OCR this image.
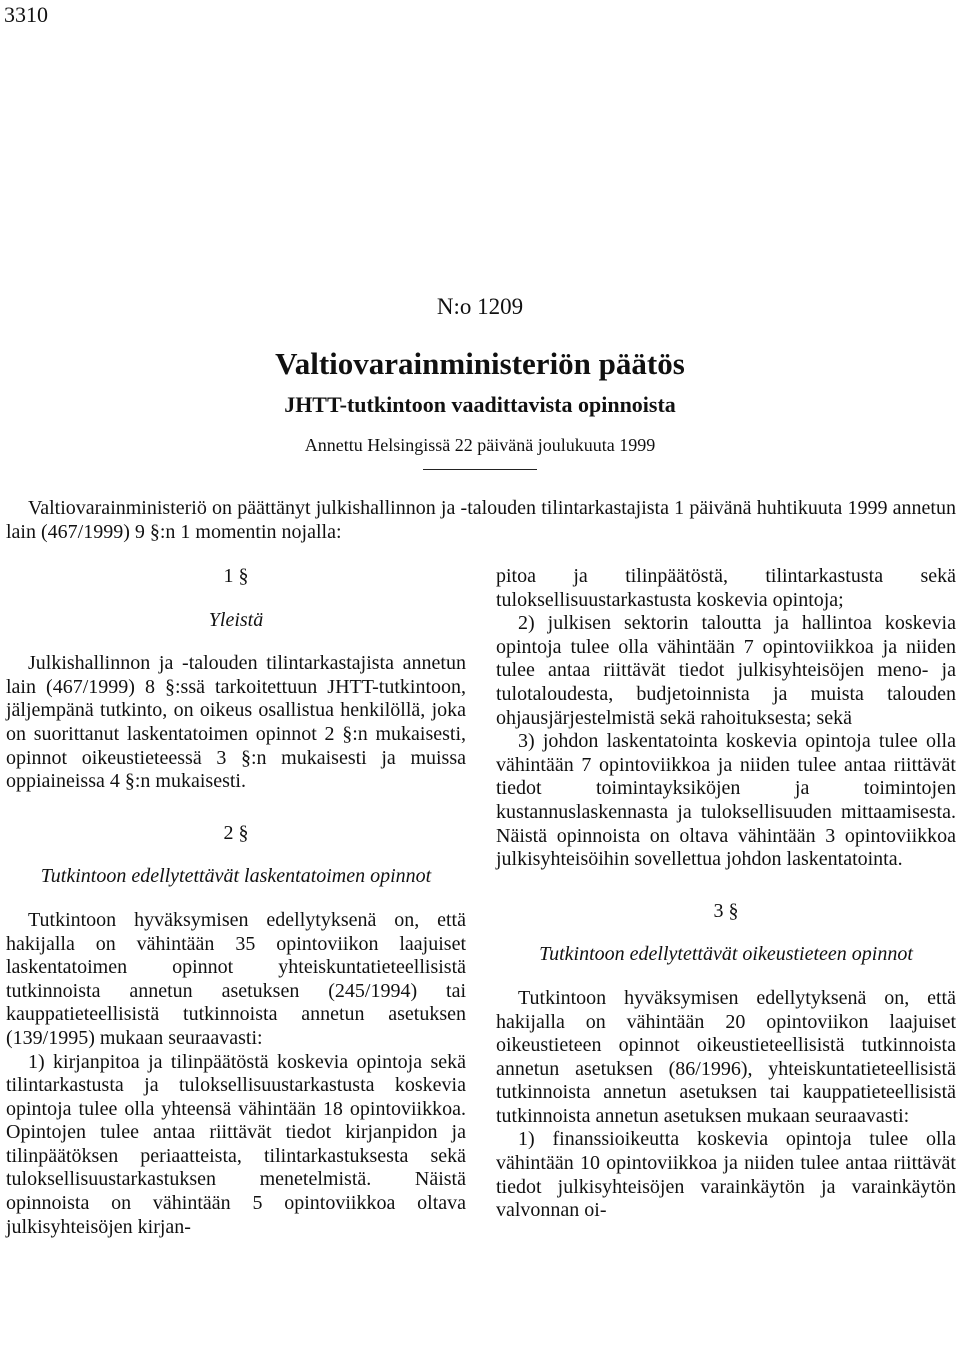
3310
N:o 1209
Valtiovarainministeriön päätös
JHTT-tutkintoon vaadittavista opinnoista
Annettu Helsingissä 22 päivänä joulukuuta 1999

Valtiovarainministeriö on päättänyt julkishallinnon ja -talouden tilintarkastajista 1 päivänä huhtikuuta 1999 annetun lain (467/1999) 9 §:n 1 momentin nojalla:

1 §

Yleistä

Julkishallinnon ja -talouden tilintarkastajista annetun lain (467/1999) 8 §:ssä tarkoitettuun JHTT-tutkintoon, jäljempänä tutkinto, on oikeus osallistua henkilöllä, joka on suorittanut laskentatoimen opinnot 2 §:n mukaisesti, opinnot oikeustieteessä 3 §:n mukaisesti ja muissa oppiaineissa 4 §:n mukaisesti.

2 §

Tutkintoon edellytettävät laskentatoimen opinnot

Tutkintoon hyväksymisen edellytyksenä on, että hakijalla on vähintään 35 opintoviikon laajuiset laskentatoimen opinnot yhteiskuntatieteellisistä tutkinnoista annetun asetuksen (245/1994) tai kauppatieteellisistä tutkinnoista annetun asetuksen (139/1995) mukaan seuraavasti:

1) kirjanpitoa ja tilinpäätöstä koskevia opintoja sekä tilintarkastusta ja tuloksellisuustarkastusta koskevia opintoja tulee olla yhteensä vähintään 18 opintoviikkoa. Opintojen tulee antaa riittävät tiedot kirjanpidon ja tilinpäätöksen periaatteista, tilintarkastuksesta sekä tuloksellisuustarkastuksen menetelmistä. Näistä opinnoista on vähintään 5 opintoviikkoa oltava julkisyhteisöjen kirjan-

pitoa ja tilinpäätöstä, tilintarkastusta sekä tuloksellisuustarkastusta koskevia opintoja;

2) julkisen sektorin taloutta ja hallintoa koskevia opintoja tulee olla vähintään 7 opintoviikkoa ja niiden tulee antaa riittävät tiedot julkisyhteisöjen meno- ja tulotaloudesta, budjetoinnista ja muista talouden ohjausjärjestelmistä sekä rahoituksesta; sekä

3) johdon laskentatointa koskevia opintoja tulee olla vähintään 7 opintoviikkoa ja niiden tulee antaa riittävät tiedot toimintayksiköjen ja toimintojen kustannuslaskennasta ja tuloksellisuuden mittaamisesta. Näistä opinnoista on oltava vähintään 3 opintoviikkoa julkisyhteisöihin sovellettua johdon laskentatointa.

3 §

Tutkintoon edellytettävät oikeustieteen opinnot

Tutkintoon hyväksymisen edellytyksenä on, että hakijalla on vähintään 20 opintoviikon laajuiset oikeustieteen opinnot oikeustieteellisistä tutkinnoista annetun asetuksen (86/1996), yhteiskuntatieteellisistä tutkinnoista annetun asetuksen tai kauppatieteellisistä tutkinnoista annetun asetuksen mukaan seuraavasti:

1) finanssioikeutta koskevia opintoja tulee olla vähintään 10 opintoviikkoa ja niiden tulee antaa riittävät tiedot julkisyhteisöjen varainkäytön ja varainkäytön valvonnan oi-
